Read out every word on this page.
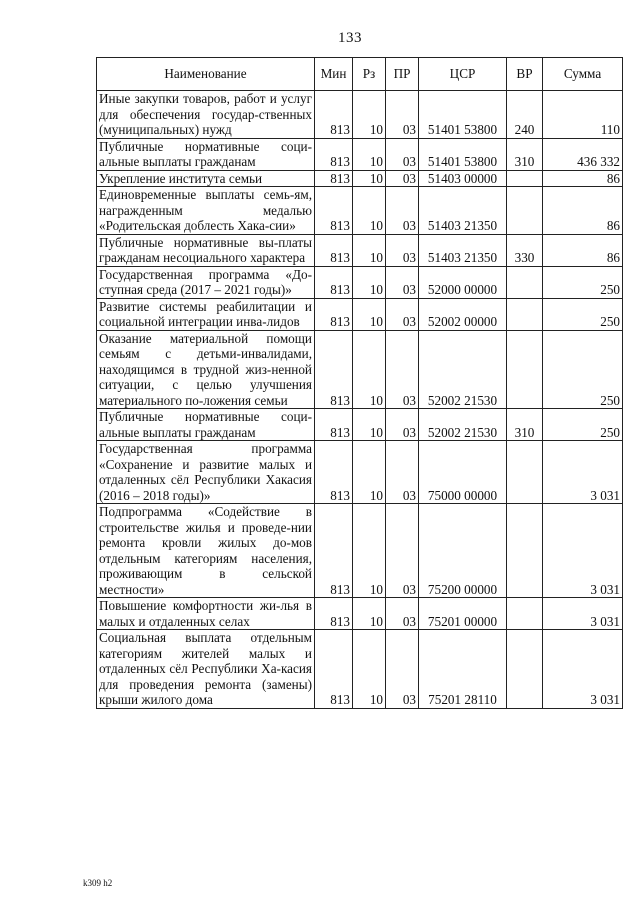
133
Наименование	Мин	Рз	ПР	ЦСР	ВР	Сумма
Иные закупки товаров, работ и услуг для обеспечения государ-ственных (муниципальных) нужд	813	10	03	51401 53800	240	110
Публичные нормативные соци-альные выплаты гражданам	813	10	03	51401 53800	310	436 332
Укрепление института семьи	813	10	03	51403 00000		86
Единовременные выплаты семь-ям, награжденным медалью «Родительская доблесть Хака-сии»	813	10	03	51403 21350		86
Публичные нормативные вы-платы гражданам несоциального характера	813	10	03	51403 21350	330	86
Государственная программа «До-ступная среда (2017 – 2021 годы)»	813	10	03	52000 00000		250
Развитие системы реабилитации и социальной интеграции инва-лидов	813	10	03	52002 00000		250
Оказание материальной помощи семьям с детьми-инвалидами, находящимся в трудной жиз-ненной ситуации, с целью улучшения материального по-ложения семьи	813	10	03	52002 21530		250
Публичные нормативные соци-альные выплаты гражданам	813	10	03	52002 21530	310	250
Государственная программа «Сохранение и развитие малых и отдаленных сёл Республики Хакасия (2016 – 2018 годы)»	813	10	03	75000 00000		3 031
Подпрограмма «Содействие в строительстве жилья и проведе-нии ремонта кровли жилых до-мов отдельным категориям населения, проживающим в сельской местности»	813	10	03	75200 00000		3 031
Повышение комфортности жи-лья в малых и отдаленных селах	813	10	03	75201 00000		3 031
Социальная выплата отдельным категориям жителей малых и отдаленных сёл Республики Ха-касия для проведения ремонта (замены) крыши жилого дома	813	10	03	75201 28110		3 031
k309 h2
